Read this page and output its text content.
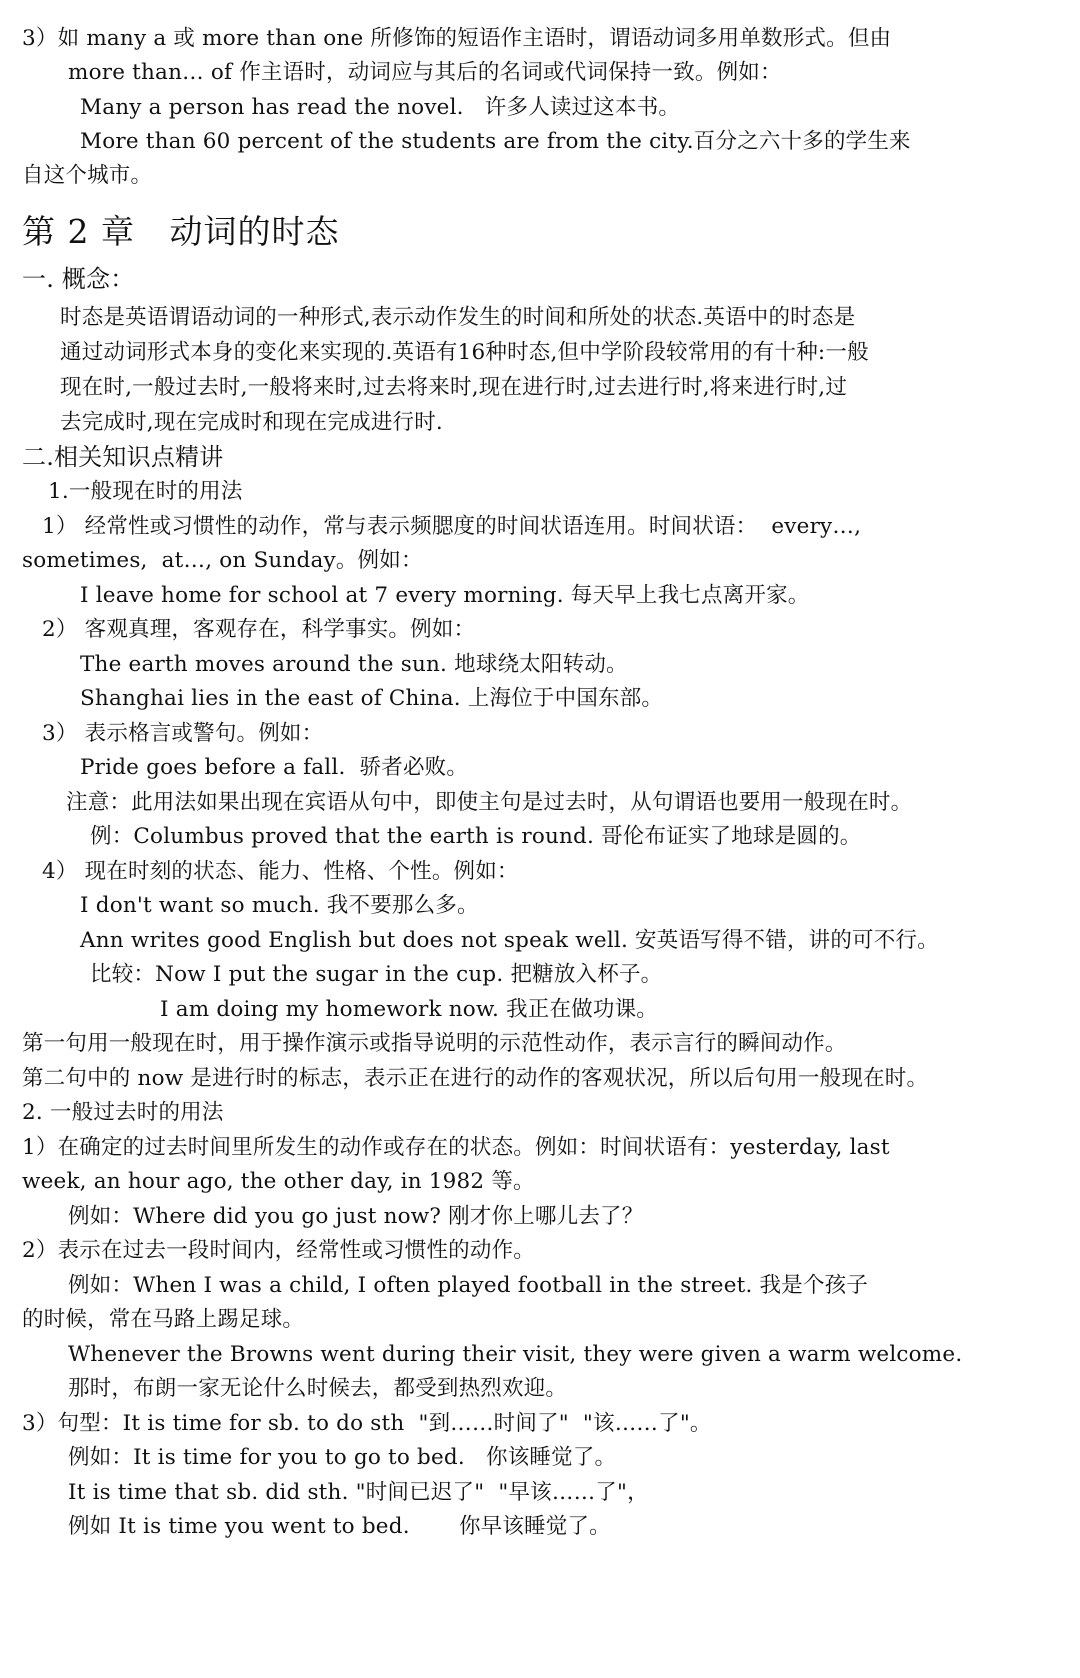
3）如 many a 或 more than one 所修饰的短语作主语时，谓语动词多用单数形式。但由
more than… of 作主语时，动词应与其后的名词或代词保持一致。例如：
Many a person has read the novel.   许多人读过这本书。
More than 60 percent of the students are from the city.百分之六十多的学生来
自这个城市。
第 2 章   动词的时态
一. 概念：
时态是英语谓语动词的一种形式,表示动作发生的时间和所处的状态.英语中的时态是
通过动词形式本身的变化来实现的.英语有16种时态,但中学阶段较常用的有十种:一般
现在时,一般过去时,一般将来时,过去将来时,现在进行时,过去进行时,将来进行时,过
去完成时,现在完成时和现在完成进行时.
二.相关知识点精讲
1.一般现在时的用法
1） 经常性或习惯性的动作，常与表示频腮度的时间状语连用。时间状语：  every…,
sometimes,  at…, on Sunday。例如：
I leave home for school at 7 every morning. 每天早上我七点离开家。
2） 客观真理，客观存在，科学事实。例如：
The earth moves around the sun. 地球绕太阳转动。
Shanghai lies in the east of China. 上海位于中国东部。
3） 表示格言或警句。例如：
Pride goes before a fall.  骄者必败。
注意：此用法如果出现在宾语从句中，即使主句是过去时，从句谓语也要用一般现在时。
例：Columbus proved that the earth is round. 哥伦布证实了地球是圆的。
4） 现在时刻的状态、能力、性格、个性。例如：
I don't want so much. 我不要那么多。
Ann writes good English but does not speak well. 安英语写得不错，讲的可不行。
比较：Now I put the sugar in the cup. 把糖放入杯子。
I am doing my homework now. 我正在做功课。
第一句用一般现在时，用于操作演示或指导说明的示范性动作，表示言行的瞬间动作。
第二句中的 now 是进行时的标志，表示正在进行的动作的客观状况，所以后句用一般现在时。
2. 一般过去时的用法
1）在确定的过去时间里所发生的动作或存在的状态。例如：时间状语有：yesterday, last
week, an hour ago, the other day, in 1982 等。
例如：Where did you go just now? 刚才你上哪儿去了？
2）表示在过去一段时间内，经常性或习惯性的动作。
例如：When I was a child, I often played football in the street. 我是个孩子
的时候，常在马路上踢足球。
Whenever the Browns went during their visit, they were given a warm welcome.
那时，布朗一家无论什么时候去，都受到热烈欢迎。
3）句型：It is time for sb. to do sth  "到……时间了"  "该……了"。
例如：It is time for you to go to bed.   你该睡觉了。
It is time that sb. did sth. "时间已迟了"  "早该……了"，
例如 It is time you went to bed.       你早该睡觉了。
